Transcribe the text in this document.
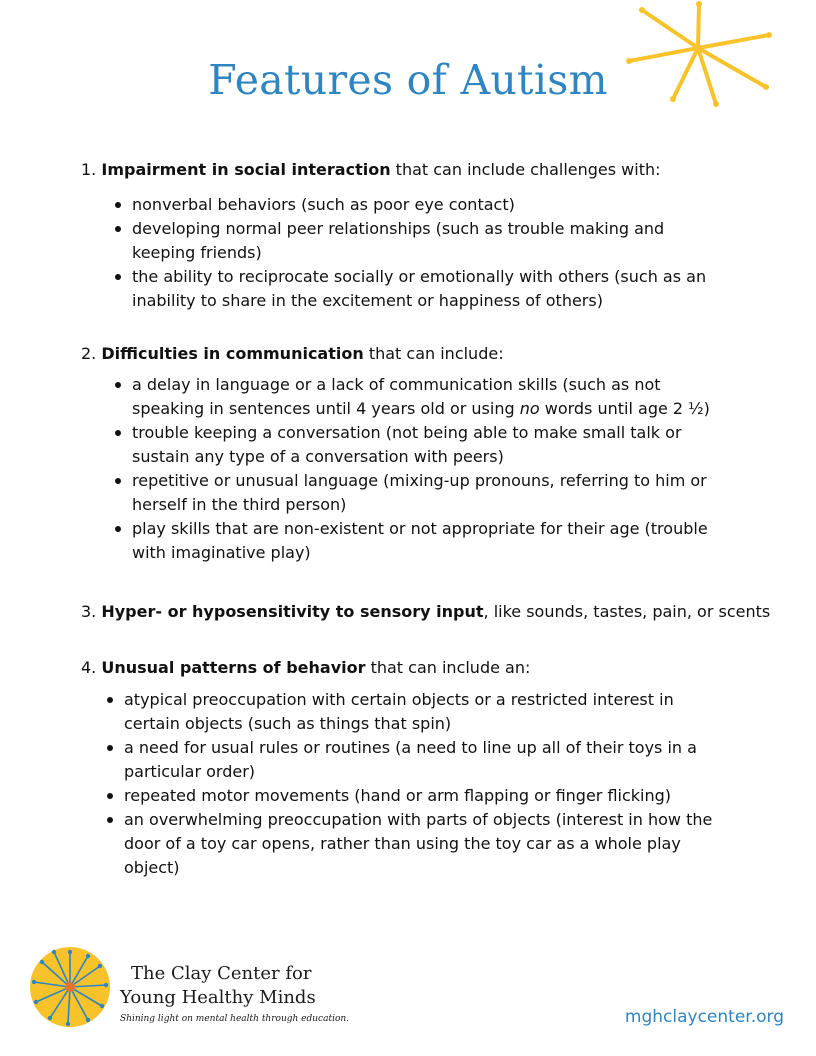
Features of Autism

1. Impairment in social interaction that can include challenges with:

nonverbal behaviors (such as poor eye contact)
developing normal peer relationships (such as trouble making and keeping friends)
the ability to reciprocate socially or emotionally with others (such as an inability to share in the excitement or happiness of others)

2. Difficulties in communication that can include:

a delay in language or a lack of communication skills (such as not speaking in sentences until 4 years old or using no words until age 2 ½)
trouble keeping a conversation (not being able to make small talk or sustain any type of a conversation with peers)
repetitive or unusual language (mixing-up pronouns, referring to him or herself in the third person)
play skills that are non-existent or not appropriate for their age (trouble with imaginative play)

3. Hyper- or hyposensitivity to sensory input, like sounds, tastes, pain, or scents

4. Unusual patterns of behavior that can include an:

atypical preoccupation with certain objects or a restricted interest in certain objects (such as things that spin)
a need for usual rules or routines (a need to line up all of their toys in a particular order)
repeated motor movements (hand or arm flapping or finger flicking)
an overwhelming preoccupation with parts of objects (interest in how the door of a toy car opens, rather than using the toy car as a whole play object)
The Clay Center for
Young Healthy Minds
Shining light on mental health through education.	mghclaycenter.org
